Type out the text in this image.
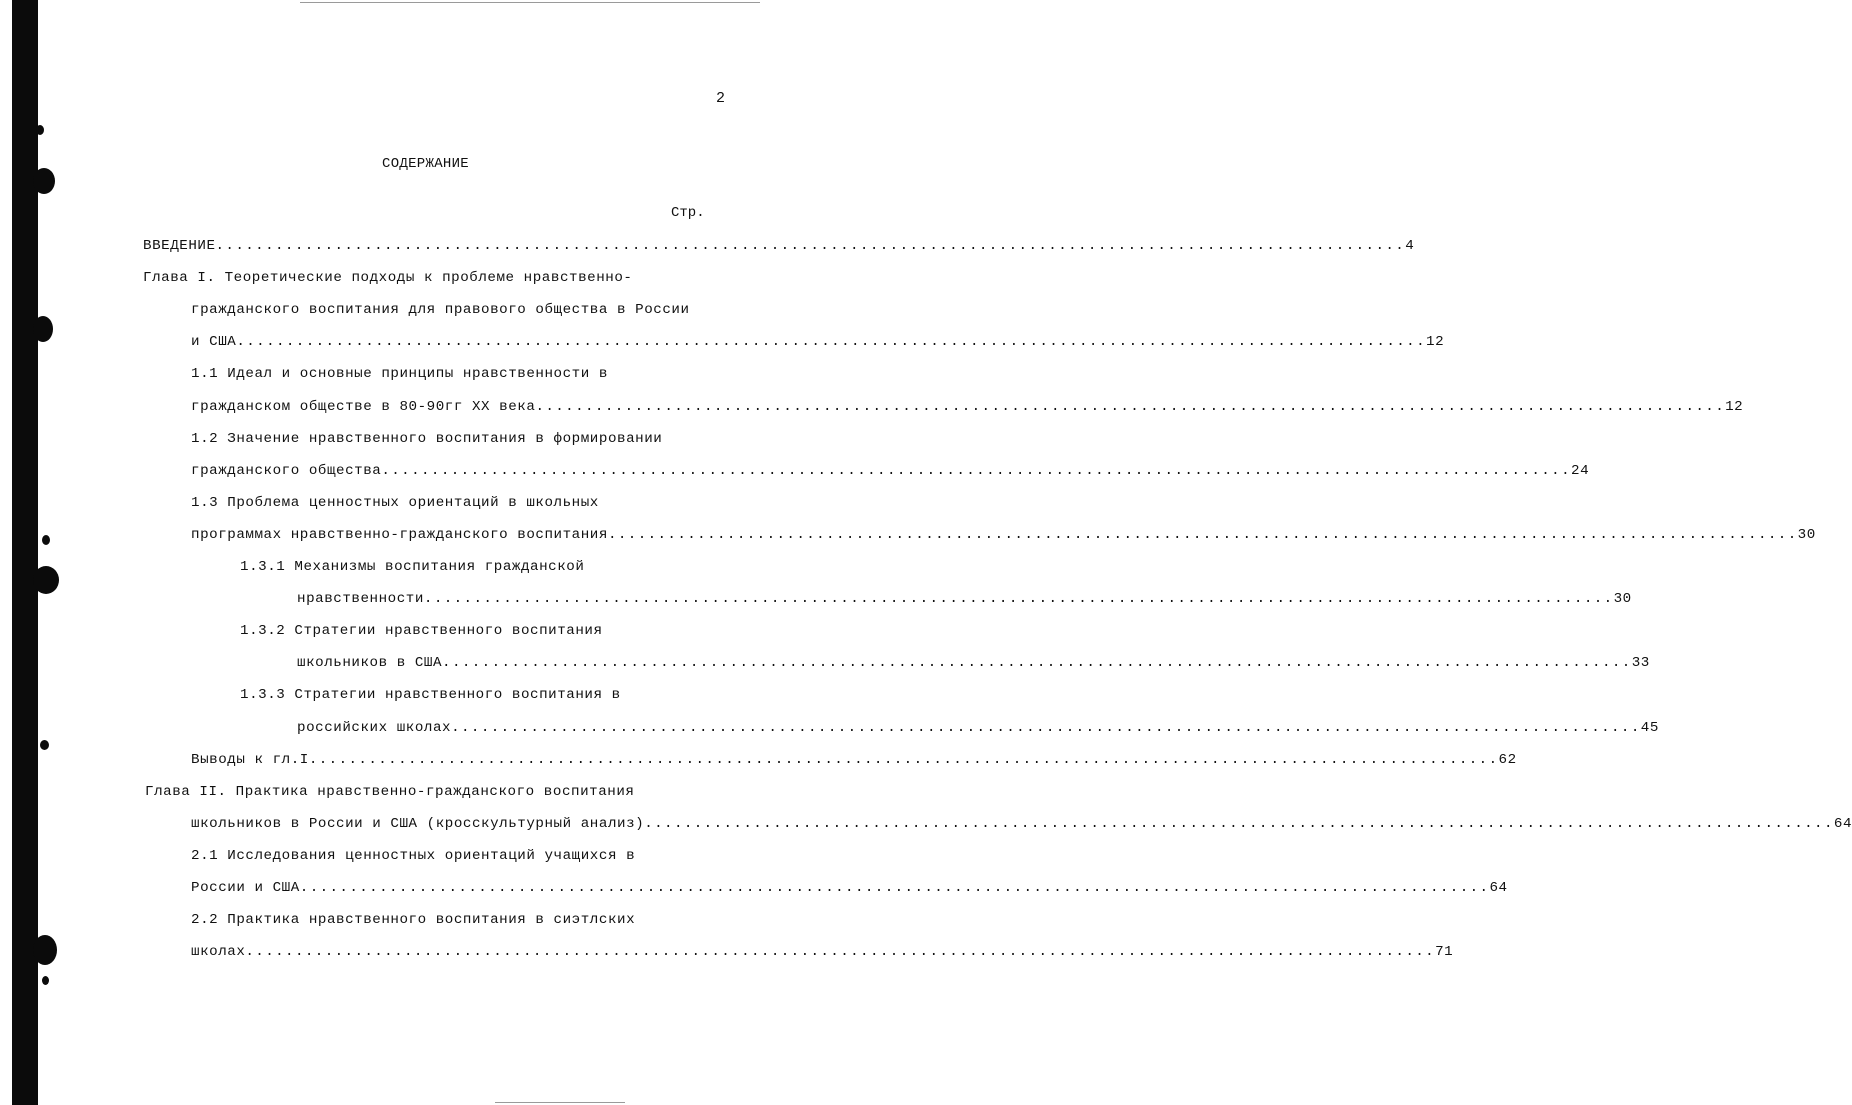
2
СОДЕРЖАНИЕ
Стр.
ВВЕДЕНИЕ ........................................................................................................................ 4
Глава I. Теоретические подходы к проблеме нравственно-
гражданского воспитания для правового общества в России
и США ........................................................................................................................ 12
1.1 Идеал и основные принципы нравственности в
гражданском обществе в 80-90гг XX века ........................................................................................................................ 12
1.2 Значение нравственного воспитания в формировании
гражданского общества ........................................................................................................................ 24
1.3 Проблема ценностных ориентаций в школьных
программах нравственно-гражданского воспитания ........................................................................................................................ 30
1.3.1 Механизмы воспитания гражданской
нравственности ........................................................................................................................ 30
1.3.2 Стратегии нравственного воспитания
школьников в США ........................................................................................................................ 33
1.3.3 Стратегии нравственного воспитания в
российских школах ........................................................................................................................ 45
Выводы к гл.I ........................................................................................................................ 62
Глава II. Практика нравственно-гражданского воспитания
школьников в России и США (кросскультурный анализ) ........................................................................................................................ 64
2.1 Исследования ценностных ориентаций учащихся в
России и США ........................................................................................................................ 64
2.2 Практика нравственного воспитания в сиэтлских
школах ........................................................................................................................ 71
